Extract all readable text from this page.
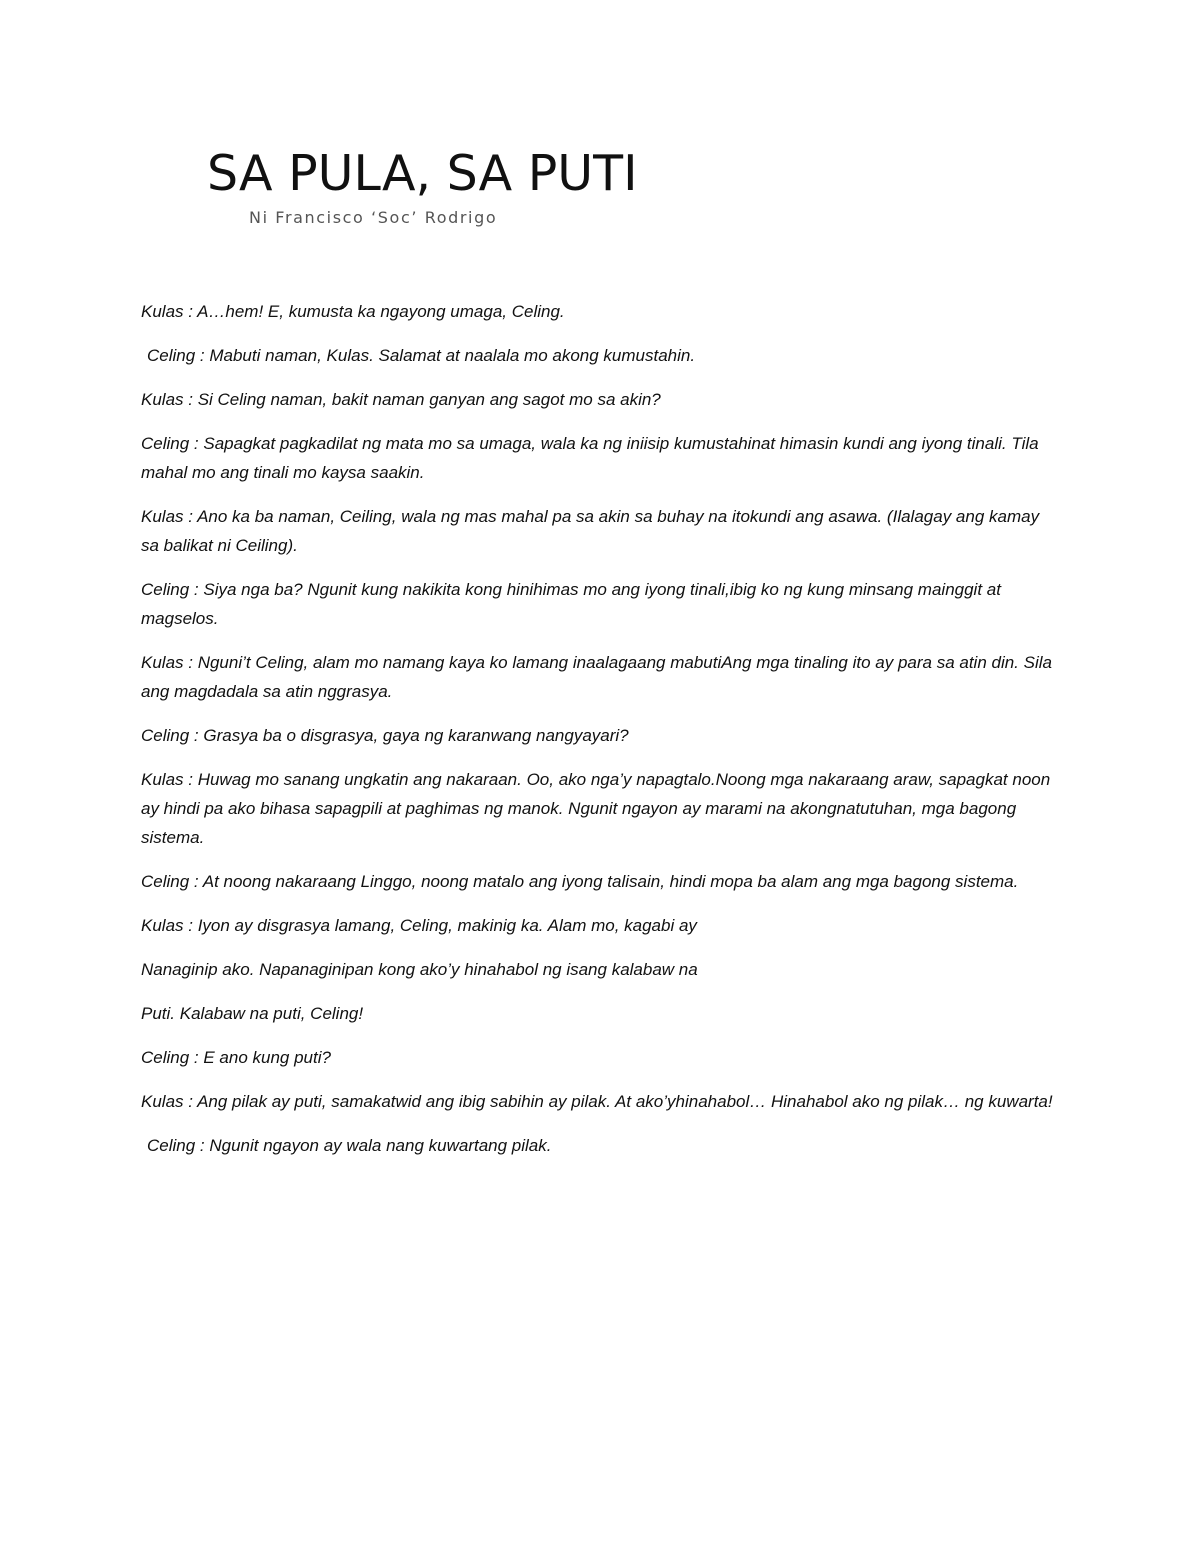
SA PULA, SA PUTI

Ni Francisco ‘Soc’ Rodrigo

Kulas : A…hem! E, kumusta ka ngayong umaga, Celing.
Celing : Mabuti naman, Kulas. Salamat at naalala mo akong kumustahin.
Kulas : Si Celing naman, bakit naman ganyan ang sagot mo sa akin?
Celing : Sapagkat pagkadilat ng mata mo sa umaga, wala ka ng iniisip kumustahinat himasin kundi ang iyong tinali. Tila mahal mo ang tinali mo kaysa saakin.
Kulas : Ano ka ba naman, Ceiling, wala ng mas mahal pa sa akin sa buhay na itokundi ang asawa. (Ilalagay ang kamay sa balikat ni Ceiling).
Celing : Siya nga ba? Ngunit kung nakikita kong hinihimas mo ang iyong tinali,ibig ko ng kung minsang mainggit at magselos.
Kulas : Nguni’t Celing, alam mo namang kaya ko lamang inaalagaang mabutiAng mga tinaling ito ay para sa atin din. Sila ang magdadala sa atin nggrasya.
Celing : Grasya ba o disgrasya, gaya ng karanwang nangyayari?
Kulas : Huwag mo sanang ungkatin ang nakaraan. Oo, ako nga’y napagtalo.Noong mga nakaraang araw, sapagkat noon ay hindi pa ako bihasa sapagpili at paghimas ng manok. Ngunit ngayon ay marami na akongnatutuhan, mga bagong sistema.
Celing : At noong nakaraang Linggo, noong matalo ang iyong talisain, hindi mopa ba alam ang mga bagong sistema.
Kulas : Iyon ay disgrasya lamang, Celing, makinig ka. Alam mo, kagabi ay
Nanaginip ako. Napanaginipan kong ako’y hinahabol ng isang kalabaw na
Puti. Kalabaw na puti, Celing!
Celing : E ano kung puti?
Kulas : Ang pilak ay puti, samakatwid ang ibig sabihin ay pilak. At ako’yhinahabol… Hinahabol ako ng pilak… ng kuwarta!
Celing : Ngunit ngayon ay wala nang kuwartang pilak.
